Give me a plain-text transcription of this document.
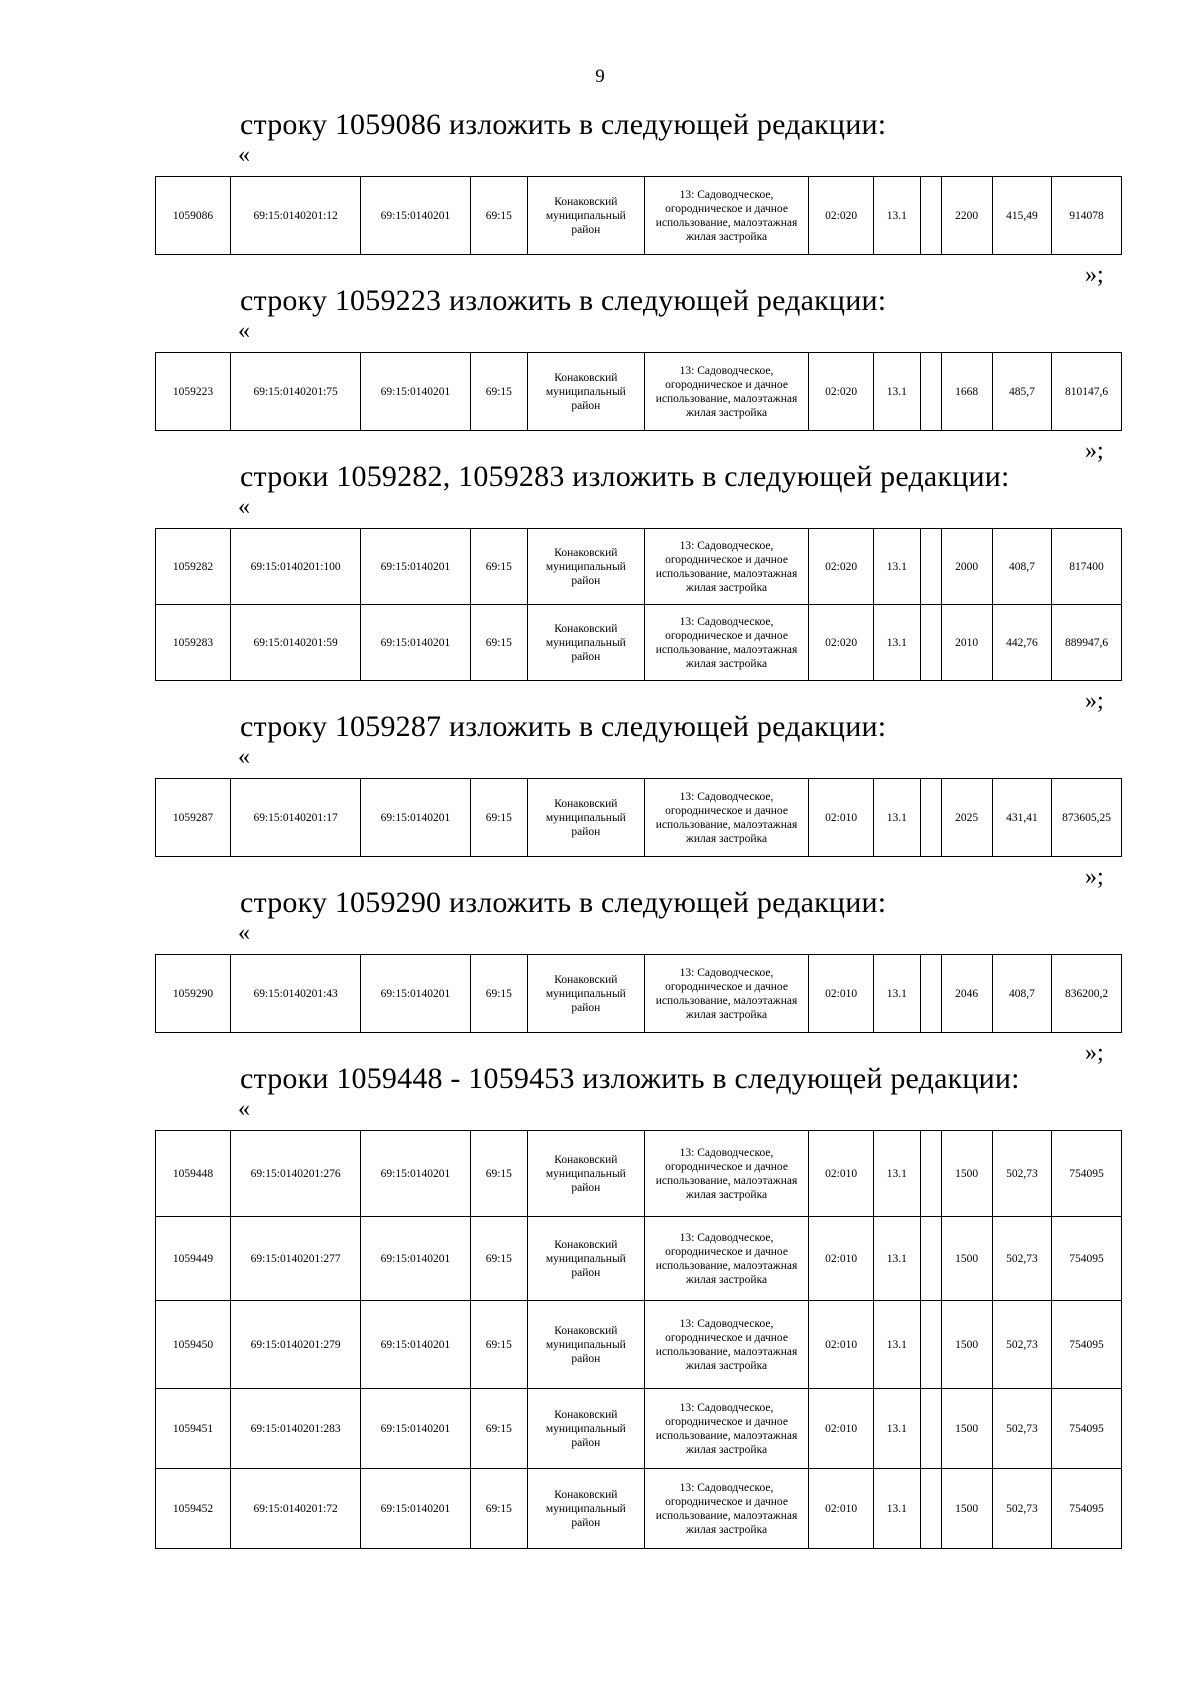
9
строку 1059086 изложить в следующей редакции:
«
1059086	69:15:0140201:12	69:15:0140201	69:15	Конаковский муниципальный район	13: Садоводческое, огородническое и дачное использование, малоэтажная жилая застройка	02:020	13.1		2200	415,49	914078
»;
строку 1059223 изложить в следующей редакции:
«
1059223	69:15:0140201:75	69:15:0140201	69:15	Конаковский муниципальный район	13: Садоводческое, огородническое и дачное использование, малоэтажная жилая застройка	02:020	13.1		1668	485,7	810147,6
»;
строки 1059282, 1059283 изложить в следующей редакции:
«
1059282	69:15:0140201:100	69:15:0140201	69:15	Конаковский муниципальный район	13: Садоводческое, огородническое и дачное использование, малоэтажная жилая застройка	02:020	13.1		2000	408,7	817400
1059283	69:15:0140201:59	69:15:0140201	69:15	Конаковский муниципальный район	13: Садоводческое, огородническое и дачное использование, малоэтажная жилая застройка	02:020	13.1		2010	442,76	889947,6
»;
строку 1059287 изложить в следующей редакции:
«
1059287	69:15:0140201:17	69:15:0140201	69:15	Конаковский муниципальный район	13: Садоводческое, огородническое и дачное использование, малоэтажная жилая застройка	02:010	13.1		2025	431,41	873605,25
»;
строку 1059290 изложить в следующей редакции:
«
1059290	69:15:0140201:43	69:15:0140201	69:15	Конаковский муниципальный район	13: Садоводческое, огородническое и дачное использование, малоэтажная жилая застройка	02:010	13.1		2046	408,7	836200,2
»;
строки 1059448 - 1059453 изложить в следующей редакции:
«
1059448	69:15:0140201:276	69:15:0140201	69:15	Конаковский муниципальный район	13: Садоводческое, огородническое и дачное использование, малоэтажная жилая застройка	02:010	13.1		1500	502,73	754095
1059449	69:15:0140201:277	69:15:0140201	69:15	Конаковский муниципальный район	13: Садоводческое, огородническое и дачное использование, малоэтажная жилая застройка	02:010	13.1		1500	502,73	754095
1059450	69:15:0140201:279	69:15:0140201	69:15	Конаковский муниципальный район	13: Садоводческое, огородническое и дачное использование, малоэтажная жилая застройка	02:010	13.1		1500	502,73	754095
1059451	69:15:0140201:283	69:15:0140201	69:15	Конаковский муниципальный район	13: Садоводческое, огородническое и дачное использование, малоэтажная жилая застройка	02:010	13.1		1500	502,73	754095
1059452	69:15:0140201:72	69:15:0140201	69:15	Конаковский муниципальный район	13: Садоводческое, огородническое и дачное использование, малоэтажная жилая застройка	02:010	13.1		1500	502,73	754095
